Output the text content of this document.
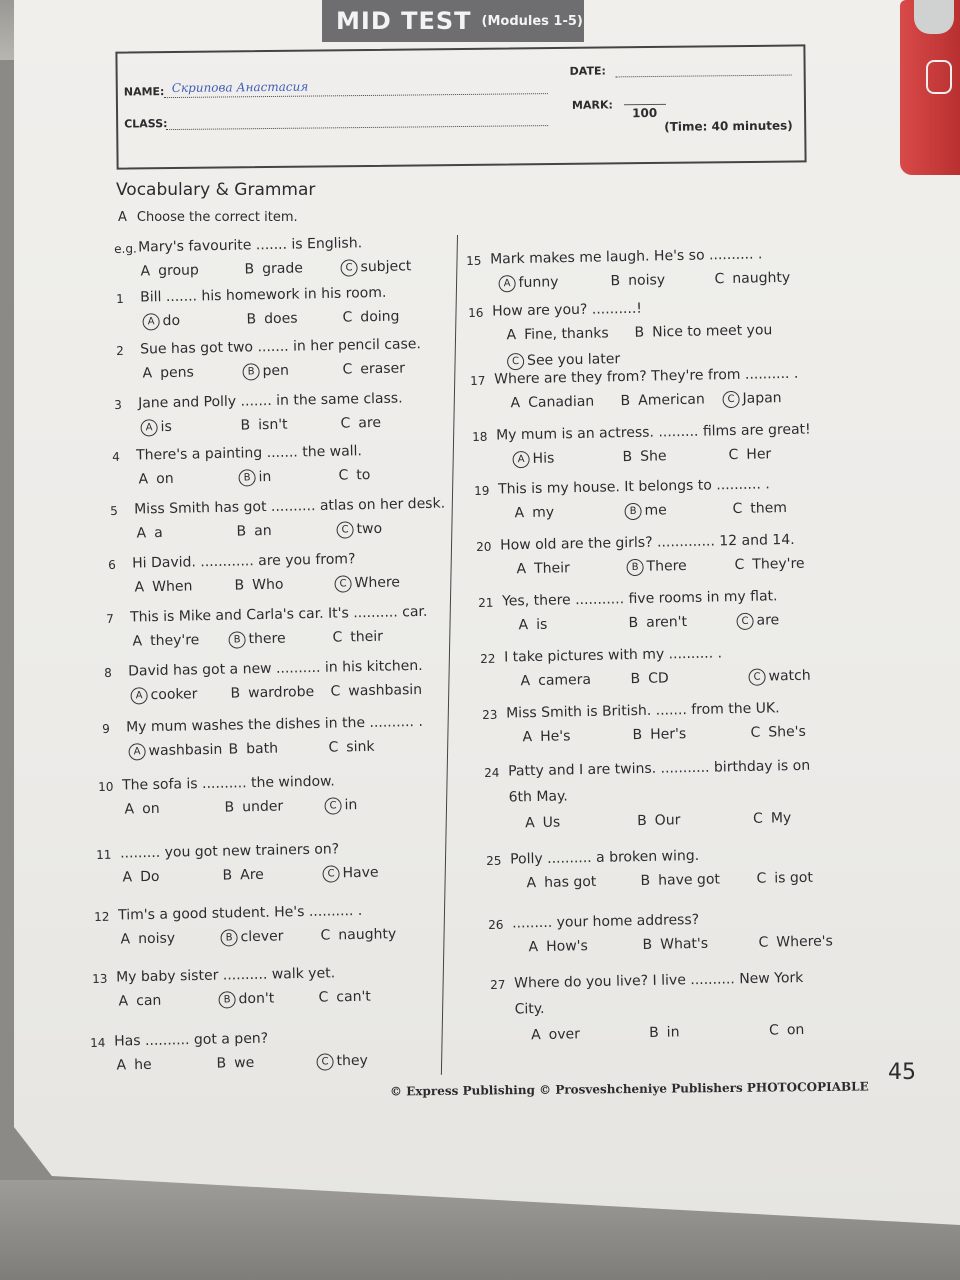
MID TEST (Modules 1-5)
NAME: Скрипова Анастасия
CLASS:
DATE:
MARK:
100
(Time: 40 minutes)
Vocabulary & Grammar
A Choose the correct item.
e.g. Mary's favourite ....... is English.
A group	B grade	C subject
1	Bill ....... his homework in his room.
A do	B does	C doing
2	Sue has got two ....... in her pencil case.
A pens	B pen	C eraser
3	Jane and Polly ....... in the same class.
A is	B isn't	C are
4	There's a painting ....... the wall.
A on	B in	C to
5	Miss Smith has got .......... atlas on her desk.
A a	B an	C two
6	Hi David. ............ are you from?
A When	B Who	C Where
7	This is Mike and Carla's car. It's .......... car.
A they're	B there	C their
8	David has got a new .......... in his kitchen.
A cooker B wardrobe C washbasin
9	My mum washes the dishes in the .......... .
A washbasin B bath	C sink
10 The sofa is .......... the window.
A on	B under	C in
11 ......... you got new trainers on?
A Do	B Are	C Have
12 Tim's a good student. He's .......... .
A noisy	B clever	C naughty
13 My baby sister .......... walk yet.
A can	B don't	C can't
14 Has .......... got a pen?
A he	B we	C they
15 Mark makes me laugh. He's so .......... .
A funny	B noisy	C naughty
16 How are you? ..........!
A Fine, thanks B Nice to meet you
C See you later
17 Where are they from? They're from .......... .
A Canadian B American	C Japan
18 My mum is an actress. ......... films are great!
A His	B She	C Her
19 This is my house. It belongs to .......... .
A my	B me	C them
20 How old are the girls? ............. 12 and 14.
A Their	B There	C They're
21 Yes, there ........... five rooms in my flat.
A is	B aren't	C are
22 I take pictures with my .......... .
A camera	B CD	C watch
23 Miss Smith is British. ....... from the UK.
A He's	B Her's	C She's
24 Patty and I are twins. ........... birthday is on
6th May.
A Us	B Our	C My
25 Polly .......... a broken wing.
A has got	B have got	C is got
26 ......... your home address?
A How's	B What's	C Where's
27 Where do you live? I live .......... New York
City.
A over	B in	C on
© Express Publishing © Prosveshcheniye Publishers PHOTOCOPIABLE
45
